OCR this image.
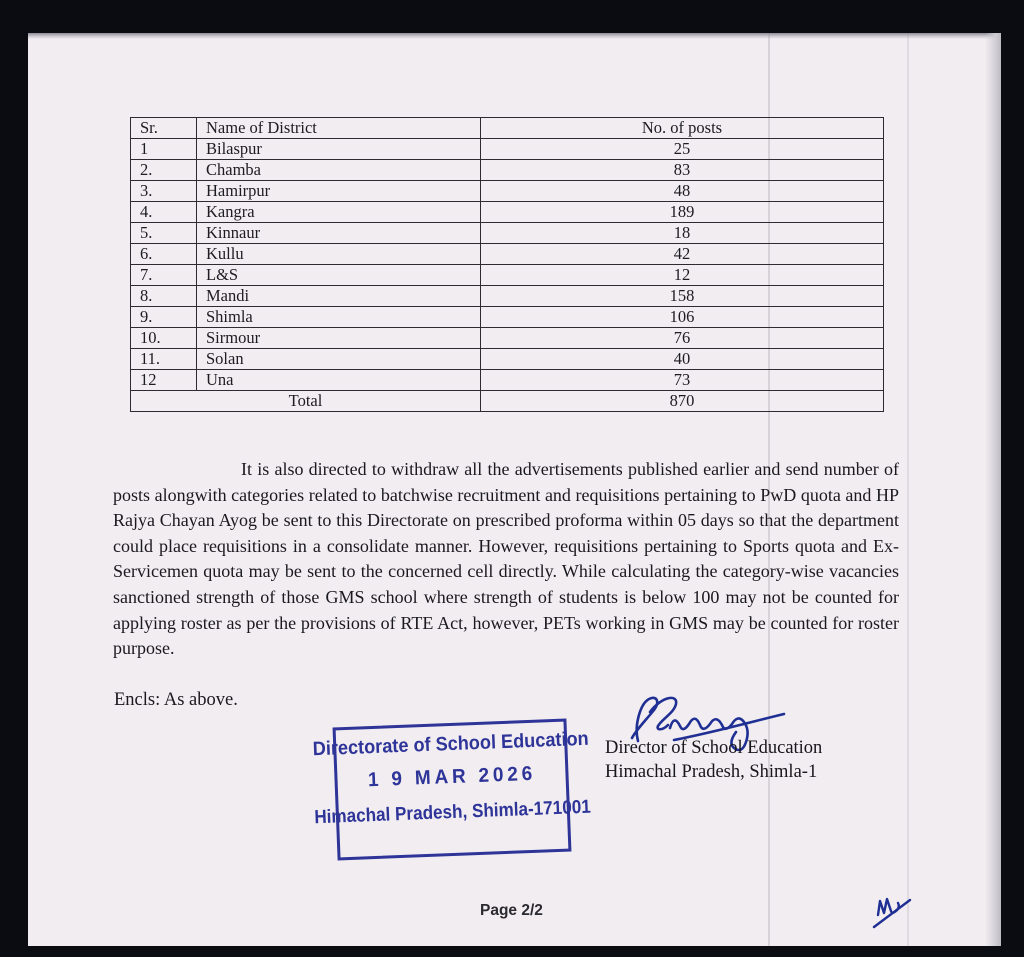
Sr.	Name of District	No. of posts
1	Bilaspur	25
2.	Chamba	83
3.	Hamirpur	48
4.	Kangra	189
5.	Kinnaur	18
6.	Kullu	42
7.	L&S	12
8.	Mandi	158
9.	Shimla	106
10.	Sirmour	76
11.	Solan	40
12	Una	73
Total		870
It is also directed to withdraw all the advertisements published earlier and send number of posts alongwith categories related to batchwise recruitment and requisitions pertaining to PwD quota and HP Rajya Chayan Ayog be sent to this Directorate on prescribed proforma within 05 days so that the department could place requisitions in a consolidate manner. However, requisitions pertaining to Sports quota and Ex-Servicemen quota may be sent to the concerned cell directly. While calculating the category-wise vacancies sanctioned strength of those GMS school where strength of students is below 100 may not be counted for applying roster as per the provisions of RTE Act, however, PETs working in GMS may be counted for roster purpose.
Encls: As above.
Directorate of School Education
1 9 MAR 2026
Himachal Pradesh, Shimla-171001
Director of School Education
Himachal Pradesh, Shimla-1
Page 2/2
